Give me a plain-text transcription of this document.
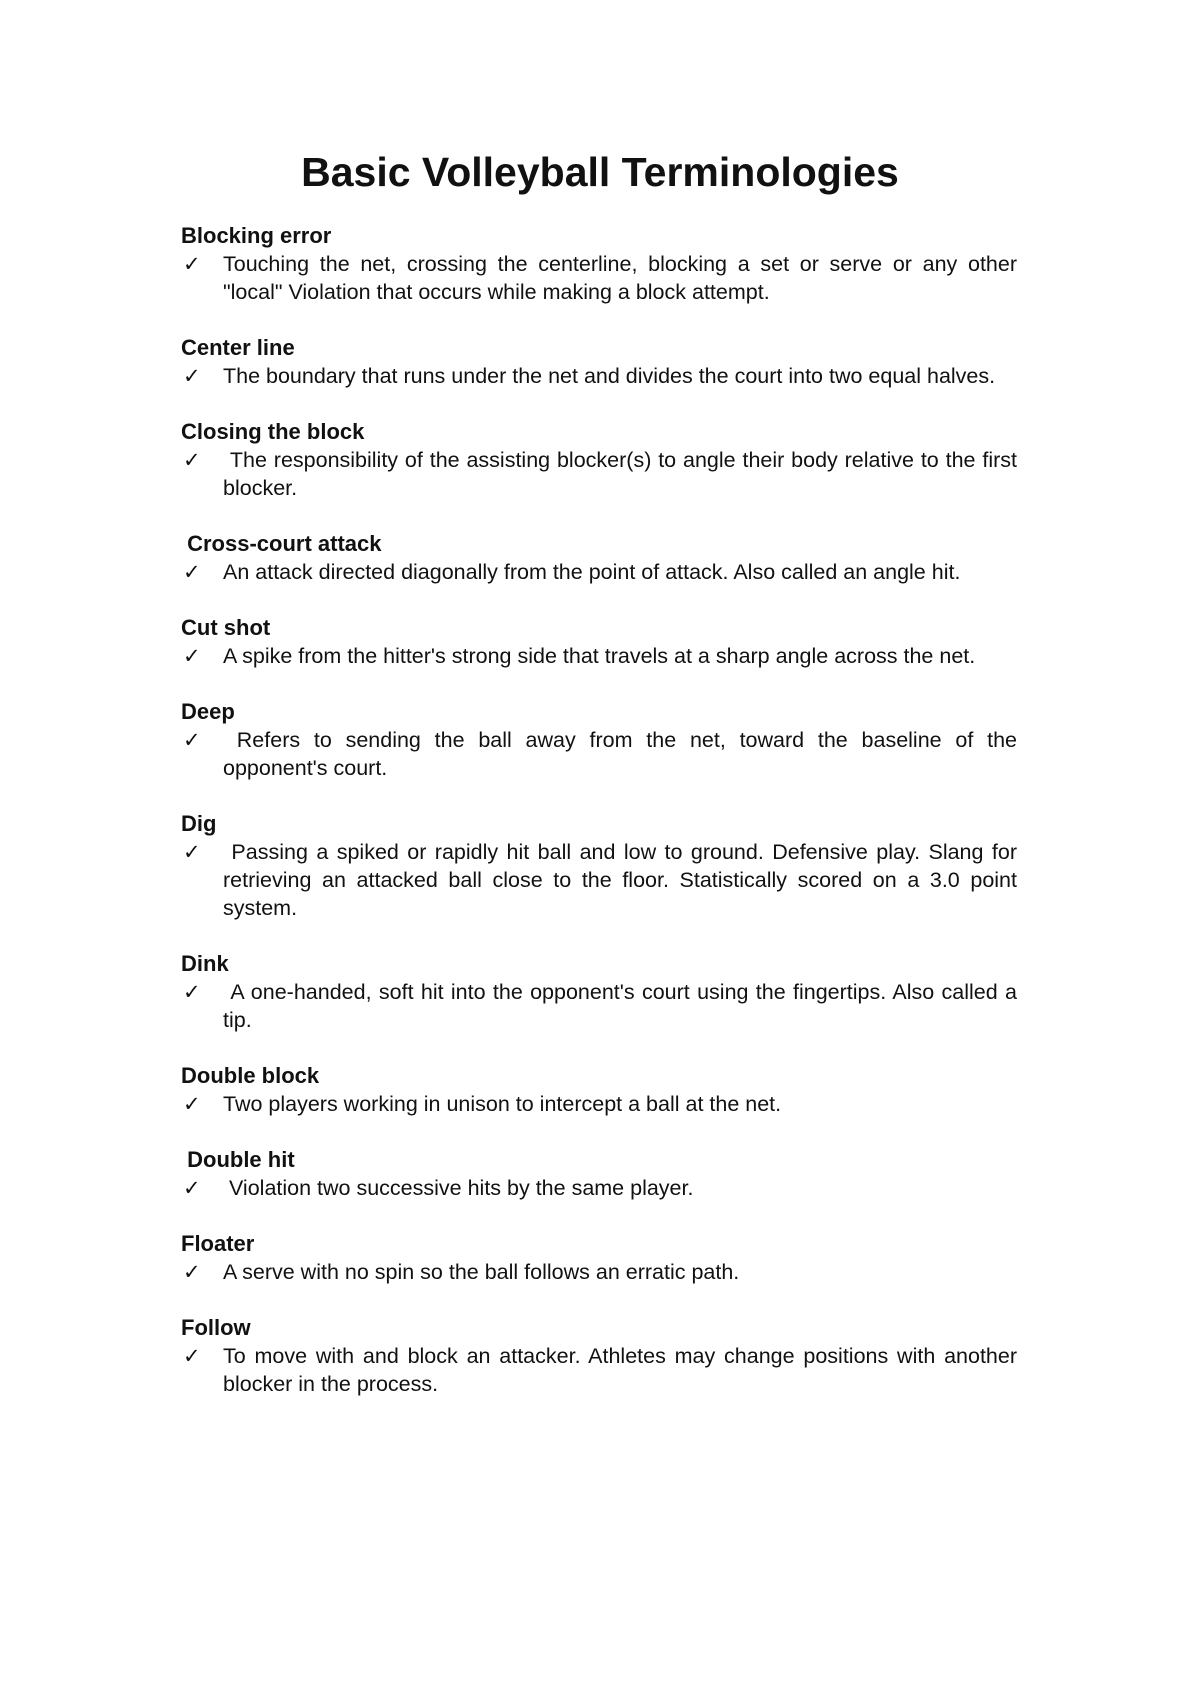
Basic Volleyball Terminologies

Blocking error

✓ Touching the net, crossing the centerline, blocking a set or serve or any other "local" Violation that occurs while making a block attempt.

Center line

✓ The boundary that runs under the net and divides the court into two equal halves.

Closing the block

✓ The responsibility of the assisting blocker(s) to angle their body relative to the first blocker.

Cross-court attack

✓ An attack directed diagonally from the point of attack. Also called an angle hit.

Cut shot

✓ A spike from the hitter's strong side that travels at a sharp angle across the net.

Deep

✓ Refers to sending the ball away from the net, toward the baseline of the opponent's court.

Dig

✓ Passing a spiked or rapidly hit ball and low to ground. Defensive play. Slang for retrieving an attacked ball close to the floor. Statistically scored on a 3.0 point system.

Dink

✓ A one-handed, soft hit into the opponent's court using the fingertips. Also called a tip.

Double block

✓ Two players working in unison to intercept a ball at the net.

Double hit

✓ Violation two successive hits by the same player.

Floater

✓ A serve with no spin so the ball follows an erratic path.

Follow

✓ To move with and block an attacker. Athletes may change positions with another blocker in the process.
